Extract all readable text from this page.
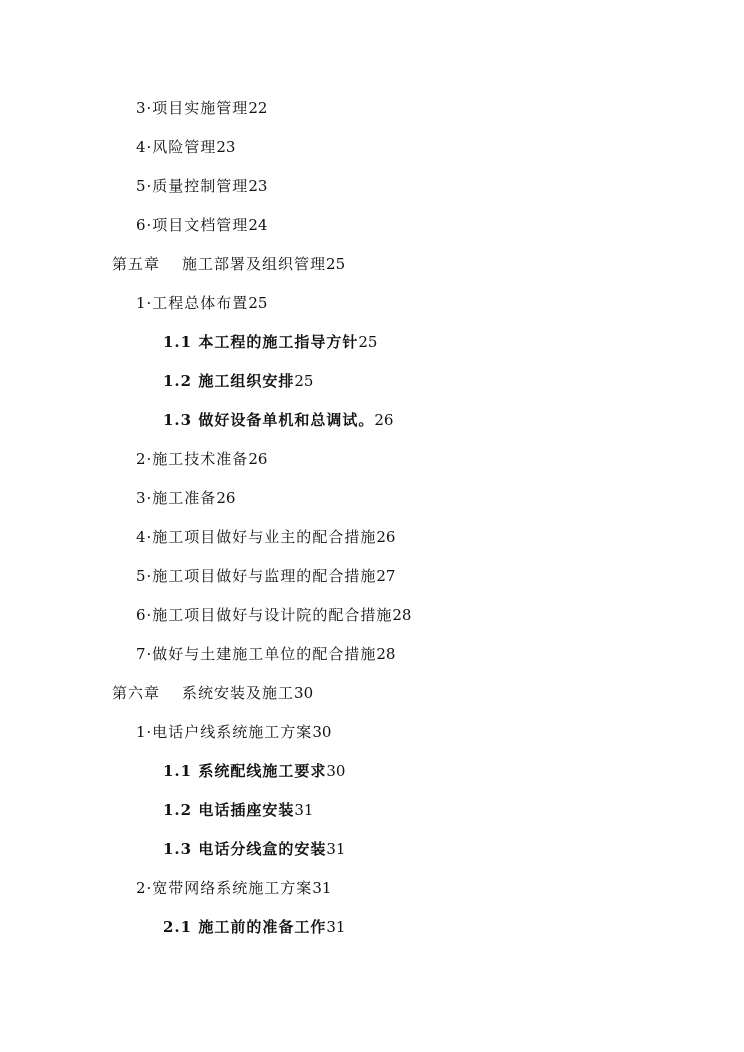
3·项目实施管理22
4·风险管理23
5·质量控制管理23
6·项目文档管理24
第五章 施工部署及组织管理25
1·工程总体布置25
1.1 本工程的施工指导方针25
1.2 施工组织安排25
1.3 做好设备单机和总调试。26
2·施工技术准备26
3·施工准备26
4·施工项目做好与业主的配合措施26
5·施工项目做好与监理的配合措施27
6·施工项目做好与设计院的配合措施28
7·做好与土建施工单位的配合措施28
第六章 系统安装及施工30
1·电话户线系统施工方案30
1.1 系统配线施工要求30
1.2 电话插座安装31
1.3 电话分线盒的安装31
2·宽带网络系统施工方案31
2.1 施工前的准备工作31
